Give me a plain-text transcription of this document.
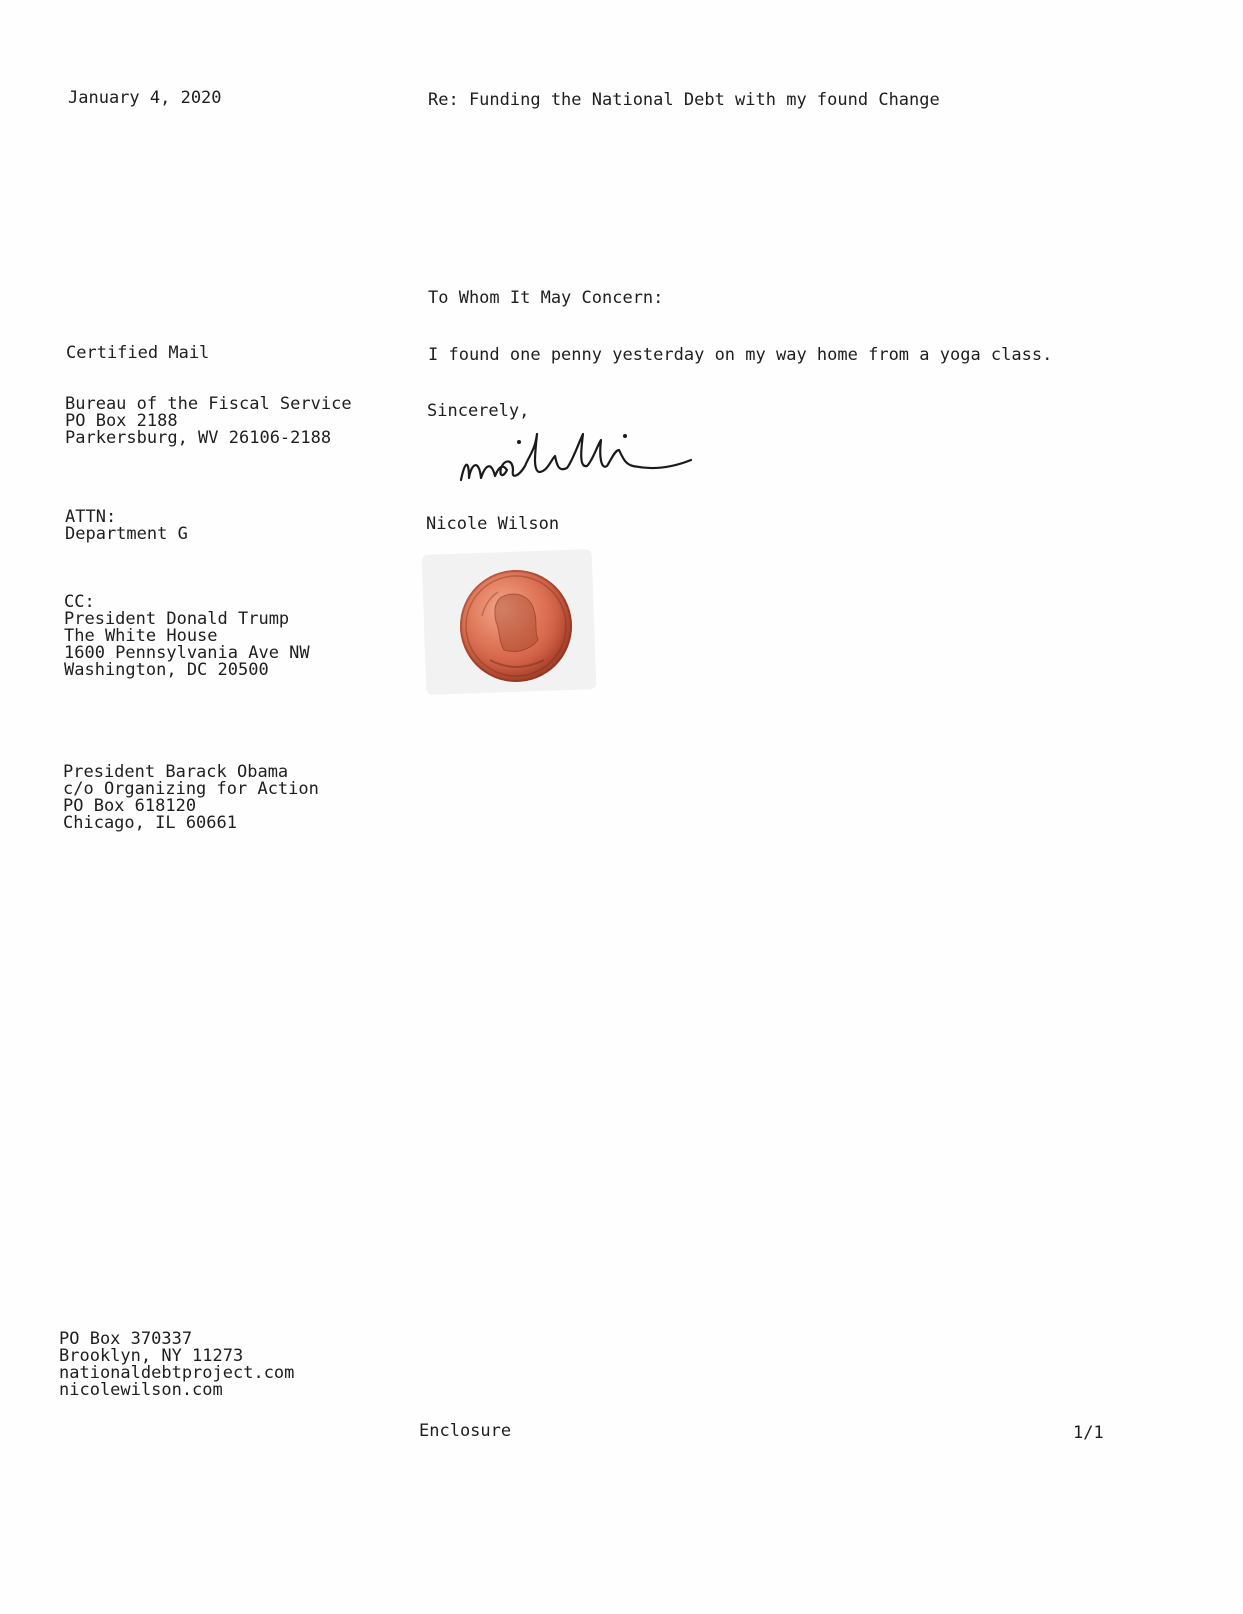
January 4, 2020	Re: Funding the National Debt with my found Change
To Whom It May Concern:
Certified Mail	I found one penny yesterday on my way home from a yoga class.
Bureau of the Fiscal Service
PO Box 2188
Parkersburg, WV 26106-2188
Sincerely,
ATTN:
Department G	Nicole Wilson
CC:
President Donald Trump
The White House
1600 Pennsylvania Ave NW
Washington, DC 20500
President Barack Obama
c/o Organizing for Action
PO Box 618120
Chicago, IL 60661
PO Box 370337
Brooklyn, NY 11273
nationaldebtproject.com
nicolewilson.com
Enclosure	1/1
